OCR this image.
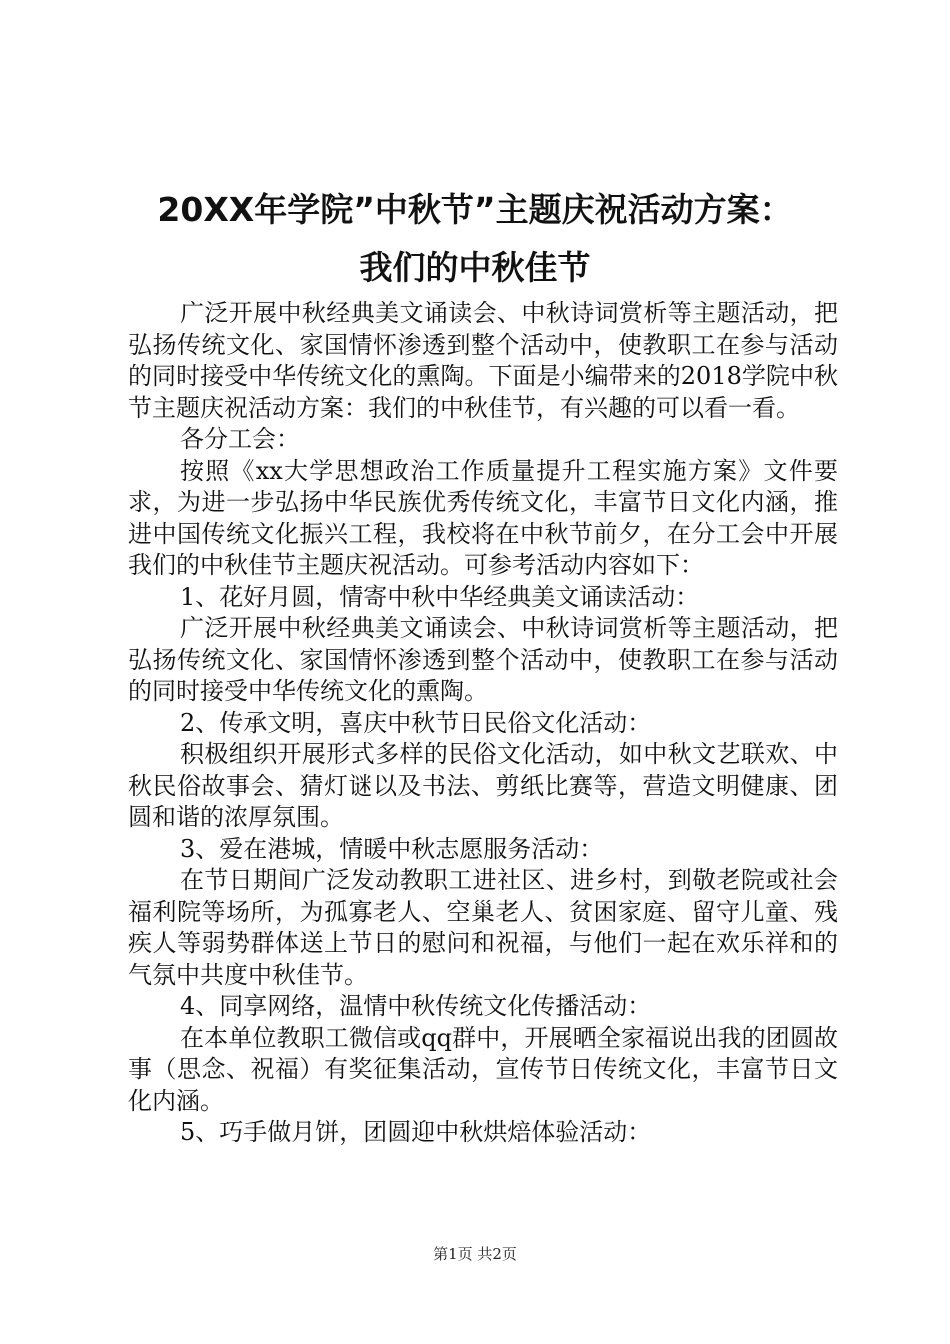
20XX年学院”中秋节”主题庆祝活动方案：
我们的中秋佳节

广泛开展中秋经典美文诵读会、中秋诗词赏析等主题活动，把弘扬传统文化、家国情怀渗透到整个活动中，使教职工在参与活动的同时接受中华传统文化的熏陶。下面是小编带来的2018学院中秋节主题庆祝活动方案：我们的中秋佳节，有兴趣的可以看一看。

各分工会：

按照《xx大学思想政治工作质量提升工程实施方案》文件要求，为进一步弘扬中华民族优秀传统文化，丰富节日文化内涵，推进中国传统文化振兴工程，我校将在中秋节前夕，在分工会中开展我们的中秋佳节主题庆祝活动。可参考活动内容如下：

1、花好月圆，情寄中秋中华经典美文诵读活动：

广泛开展中秋经典美文诵读会、中秋诗词赏析等主题活动，把弘扬传统文化、家国情怀渗透到整个活动中，使教职工在参与活动的同时接受中华传统文化的熏陶。

2、传承文明，喜庆中秋节日民俗文化活动：

积极组织开展形式多样的民俗文化活动，如中秋文艺联欢、中秋民俗故事会、猜灯谜以及书法、剪纸比赛等，营造文明健康、团圆和谐的浓厚氛围。

3、爱在港城，情暖中秋志愿服务活动：

在节日期间广泛发动教职工进社区、进乡村，到敬老院或社会福利院等场所，为孤寡老人、空巢老人、贫困家庭、留守儿童、残疾人等弱势群体送上节日的慰问和祝福，与他们一起在欢乐祥和的气氛中共度中秋佳节。

4、同享网络，温情中秋传统文化传播活动：

在本单位教职工微信或qq群中，开展晒全家福说出我的团圆故事（思念、祝福）有奖征集活动，宣传节日传统文化，丰富节日文化内涵。

5、巧手做月饼，团圆迎中秋烘焙体验活动：

第1页 共2页
